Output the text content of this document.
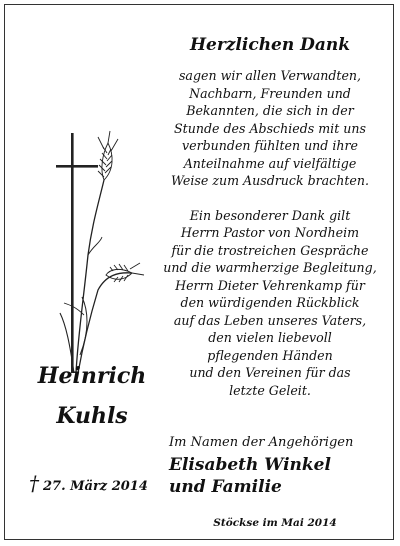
Herzlichen Dank

sagen wir allen Verwandten,
Nachbarn, Freunden und
Bekannten, die sich in der
Stunde des Abschieds mit uns
verbunden fühlten und ihre
Anteilnahme auf vielfältige
Weise zum Ausdruck brachten.

Ein besonderer Dank gilt
Herrn Pastor von Nordheim
für die trostreichen Gespräche
und die warmherzige Begleitung,
Herrn Dieter Vehrenkamp für
den würdigenden Rückblick
auf das Leben unseres Vaters,
den vielen liebevoll
pflegenden Händen
und den Vereinen für das
letzte Geleit.

Heinrich
Kuhls
† 27. März 2014
Im Namen der Angehörigen
Elisabeth Winkel
und Familie
Stöckse im Mai 2014
